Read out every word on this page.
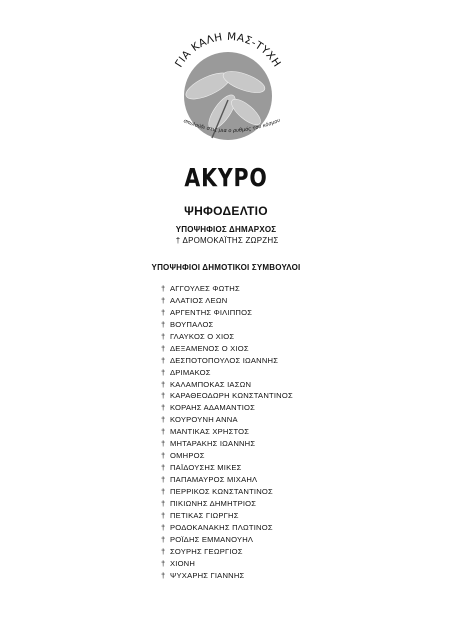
ΓΙΑ ΚΑΛΗ ΜΑΣ-ΤΥΧΗ
σπυλούδι στις μια ο ρυθμός του κόσμου
ΑΚΥΡΟ
ΨΗΦΟΔΕΛΤΙΟ
ΥΠΟΨΗΦΙΟΣ ΔΗΜΑΡΧΟΣ
† ΔΡΟΜΟΚΑΪΤΗΣ ΖΩΡΖΗΣ
ΥΠΟΨΗΦΙΟΙ ΔΗΜΟΤΙΚΟΙ ΣΥΜΒΟΥΛΟΙ
† ΑΓΓΟΥΛΕΣ ΦΩΤΗΣ
† ΑΛΑΤΙΟΣ ΛΕΩΝ
† ΑΡΓΕΝΤΗΣ ΦΙΛΙΠΠΟΣ
† ΒΟΥΠΑΛΟΣ
† ΓΛΑΥΚΟΣ Ο ΧΙΟΣ
† ΔΕΞΑΜΕΝΟΣ Ο ΧΙΟΣ
† ΔΕΣΠΟΤΟΠΟΥΛΟΣ ΙΩΑΝΝΗΣ
† ΔΡΙΜΑΚΟΣ
† ΚΑΛΑΜΠΟΚΑΣ ΙΑΣΩΝ
† ΚΑΡΑΘΕΟΔΩΡΗ ΚΩΝΣΤΑΝΤΙΝΟΣ
† ΚΟΡΑΗΣ ΑΔΑΜΑΝΤΙΟΣ
† ΚΟΥΡΟΥΝΗ ΑΝΝΑ
† ΜΑΝΤΙΚΑΣ ΧΡΗΣΤΟΣ
† ΜΗΤΑΡΑΚΗΣ ΙΩΑΝΝΗΣ
† ΟΜΗΡΟΣ
† ΠΑΪΔΟΥΣΗΣ ΜΙΚΕΣ
† ΠΑΠΑΜΑΥΡΟΣ ΜΙΧΑΗΛ
† ΠΕΡΡΙΚΟΣ ΚΩΝΣΤΑΝΤΙΝΟΣ
† ΠΙΚΙΩΝΗΣ ΔΗΜΗΤΡΙΟΣ
† ΠΕΤΙΚΑΣ ΓΙΩΡΓΗΣ
† ΡΟΔΟΚΑΝΑΚΗΣ ΠΛΩΤΙΝΟΣ
† ΡΟΪΔΗΣ ΕΜΜΑΝΟΥΗΛ
† ΣΟΥΡΗΣ ΓΕΩΡΓΙΟΣ
† ΧΙΟΝΗ
† ΨΥΧΑΡΗΣ ΓΙΑΝΝΗΣ
